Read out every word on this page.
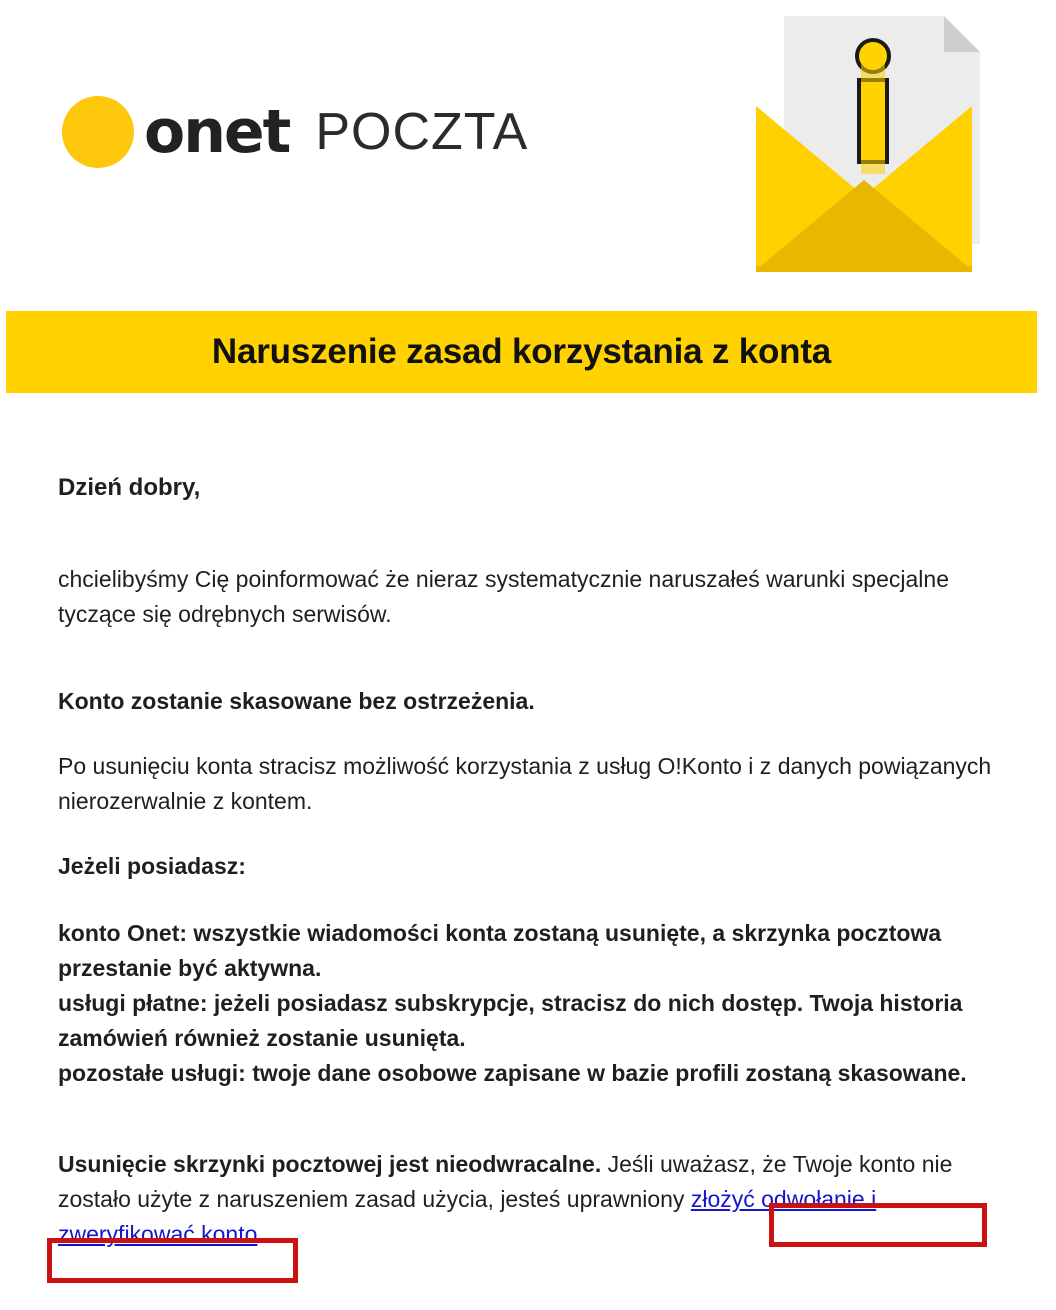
onet POCZTA
Naruszenie zasad korzystania z konta

Dzień dobry,

chcielibyśmy Cię poinformować że nieraz systematycznie naruszałeś warunki specjalne tyczące się odrębnych serwisów.

Konto zostanie skasowane bez ostrzeżenia.

Po usunięciu konta stracisz możliwość korzystania z usług O!Konto i z danych powiązanych nierozerwalnie z kontem.

Jeżeli posiadasz:

konto Onet: wszystkie wiadomości konta zostaną usunięte, a skrzynka pocztowa przestanie być aktywna.

usługi płatne: jeżeli posiadasz subskrypcje, stracisz do nich dostęp. Twoja historia zamówień również zostanie usunięta.

pozostałe usługi: twoje dane osobowe zapisane w bazie profili zostaną skasowane.

Usunięcie skrzynki pocztowej jest nieodwracalne. Jeśli uważasz, że Twoje konto nie zostało użyte z naruszeniem zasad użycia, jesteś uprawniony złożyć odwołanie i zweryfikować konto.
